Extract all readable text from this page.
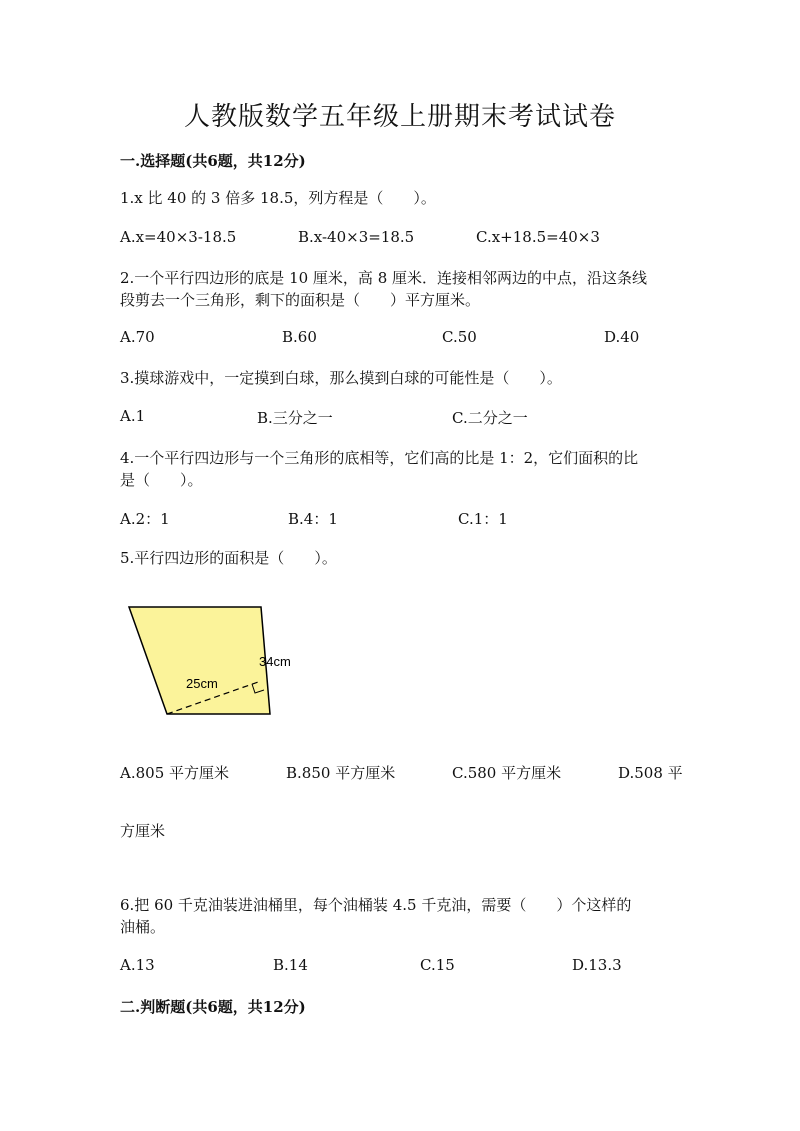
人教版数学五年级上册期末考试试卷
一.选择题(共6题，共12分)
1.x 比 40 的 3 倍多 18.5，列方程是（　　）。
A.x=40×3-18.5	B.x-40×3=18.5	C.x+18.5=40×3
2.一个平行四边形的底是 10 厘米，高 8 厘米．连接相邻两边的中点，沿这条线
段剪去一个三角形，剩下的面积是（　　）平方厘米。
A.70	B.60	C.50	D.40
3.摸球游戏中，一定摸到白球，那么摸到白球的可能性是（　　）。
A.1	B.三分之一	C.二分之一
4.一个平行四边形与一个三角形的底相等，它们高的比是 1：2，它们面积的比
是（　　）。
A.2：1	B.4：1	C.1：1
5.平行四边形的面积是（　　）。
25cm
34cm
A.805 平方厘米	B.850 平方厘米	C.580 平方厘米	D.508 平
方厘米
6.把 60 千克油装进油桶里，每个油桶装 4.5 千克油，需要（　　）个这样的
油桶。
A.13	B.14	C.15	D.13.3
二.判断题(共6题，共12分)
